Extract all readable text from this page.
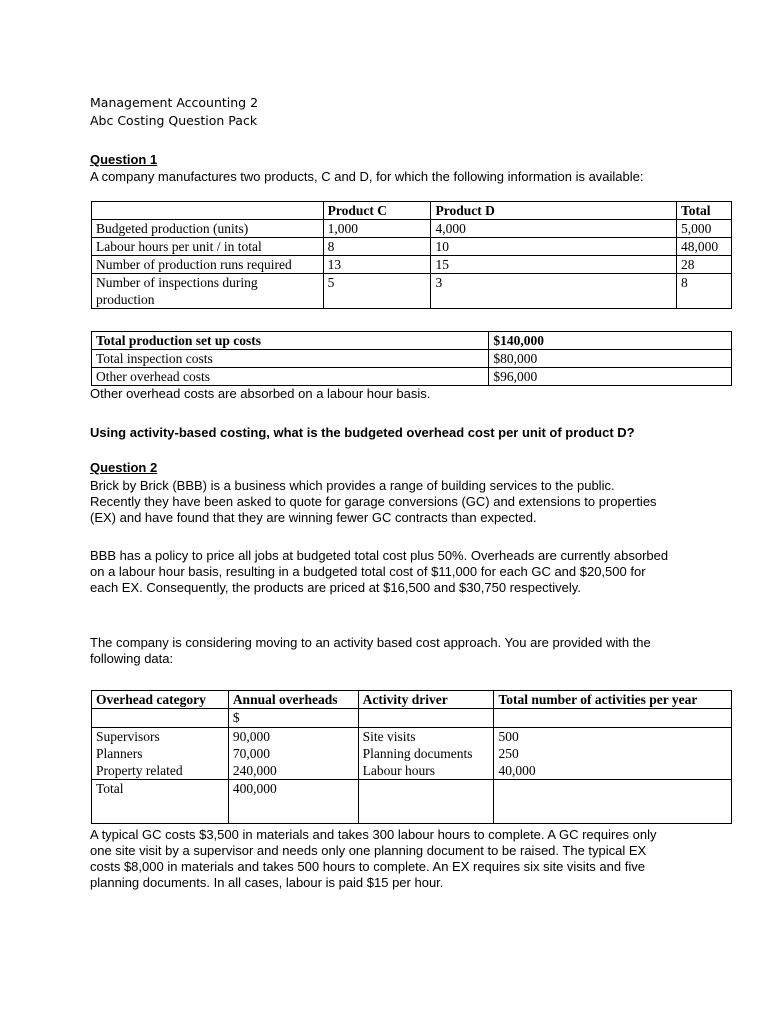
Management Accounting 2
Abc Costing Question Pack
Question 1
A company manufactures two products, C and D, for which the following information is available:
	Product C	Product D	Total
Budgeted production (units)	1,000	4,000	5,000
Labour hours per unit / in total	8	10	48,000
Number of production runs required	13	15	28
Number of inspections during production	5	3	8
Total production set up costs	$140,000
Total inspection costs	$80,000
Other overhead costs	$96,000
Other overhead costs are absorbed on a labour hour basis.
Using activity-based costing, what is the budgeted overhead cost per unit of product D?
Question 2
Brick by Brick (BBB) is a business which provides a range of building services to the public. Recently they have been asked to quote for garage conversions (GC) and extensions to properties (EX) and have found that they are winning fewer GC contracts than expected.
BBB has a policy to price all jobs at budgeted total cost plus 50%. Overheads are currently absorbed on a labour hour basis, resulting in a budgeted total cost of $11,000 for each GC and $20,500 for each EX. Consequently, the products are priced at $16,500 and $30,750 respectively.
The company is considering moving to an activity based cost approach. You are provided with the following data:
Overhead category	Annual overheads	Activity driver	Total number of activities per year
	$		
Supervisors	90,000	Site visits	500
Planners	70,000	Planning documents	250
Property related	240,000	Labour hours	40,000
Total	400,000		
A typical GC costs $3,500 in materials and takes 300 labour hours to complete. A GC requires only one site visit by a supervisor and needs only one planning document to be raised. The typical EX costs $8,000 in materials and takes 500 hours to complete. An EX requires six site visits and five planning documents. In all cases, labour is paid $15 per hour.
